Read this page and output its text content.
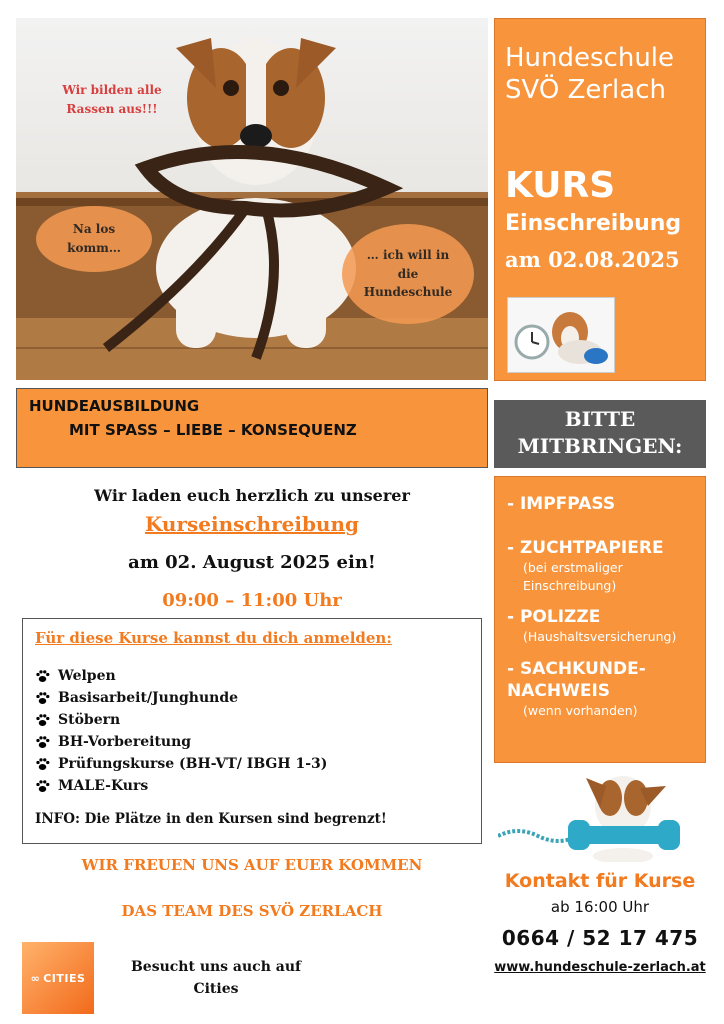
Wir bilden alle Rassen aus!!!
Na los komm…
… ich will in die Hundeschule
Hundeschule SVÖ Zerlach
KURS
Einschreibung
am 02.08.2025
HUNDEAUSBILDUNG
MIT SPASS – LIEBE – KONSEQUENZ	BITTE MITBRINGEN:
- IMPFPASS
- ZUCHTPAPIERE
(bei erstmaliger Einschreibung)
- POLIZZE
(Haushaltsversicherung)
- SACHKUNDE-NACHWEIS
(wenn vorhanden)
Wir laden euch herzlich zu unserer
Kurseinschreibung
am 02. August 2025 ein!
09:00 – 11:00 Uhr
Für diese Kurse kannst du dich anmelden:
Welpen
Basisarbeit/Junghunde
Stöbern
BH-Vorbereitung
Prüfungskurse (BH-VT/ IBGH 1-3)
MALE-Kurs
INFO: Die Plätze in den Kursen sind begrenzt!
WIR FREUEN UNS AUF EUER KOMMEN
DAS TEAM DES SVÖ ZERLACH
∞ CITIES
Besucht uns auch auf Cities
Kontakt für Kurse
ab 16:00 Uhr
0664 / 52 17 475
www.hundeschule-zerlach.at
